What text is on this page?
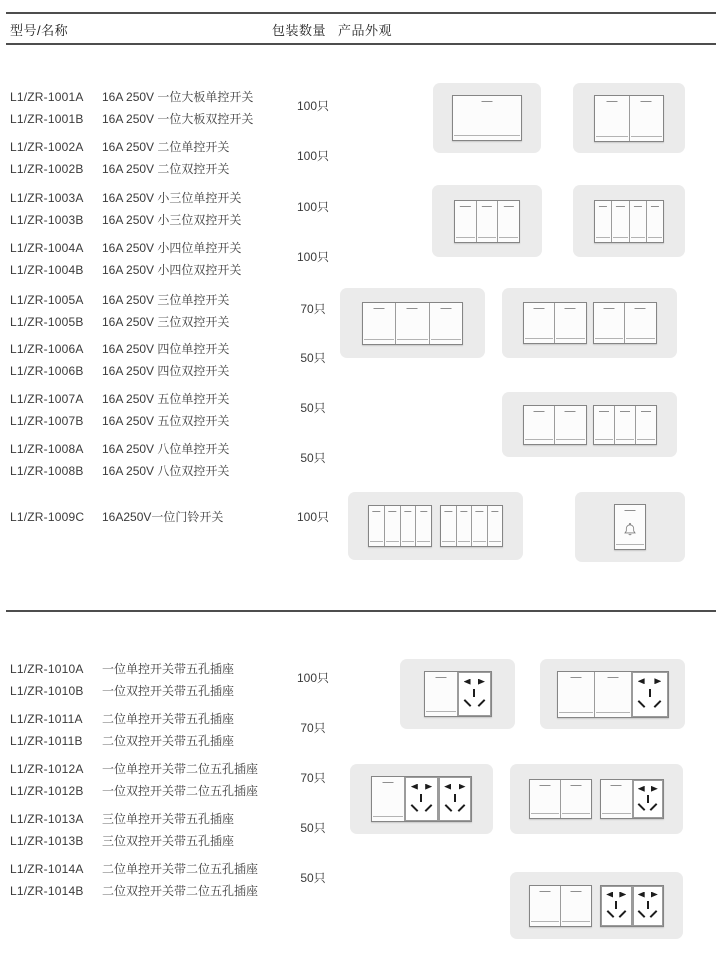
型号/名称	包装数量 产品外观
L1/ZR-1001A	16A 250V 一位大板单控开关
L1/ZR-1001B	16A 250V 一位大板双控开关
100只
L1/ZR-1002A	16A 250V 二位单控开关
L1/ZR-1002B	16A 250V 二位双控开关
100只
L1/ZR-1003A	16A 250V 小三位单控开关
L1/ZR-1003B	16A 250V 小三位双控开关
100只
L1/ZR-1004A	16A 250V 小四位单控开关
L1/ZR-1004B	16A 250V 小四位双控开关
100只
L1/ZR-1005A	16A 250V 三位单控开关
L1/ZR-1005B	16A 250V 三位双控开关
70只
L1/ZR-1006A	16A 250V 四位单控开关
L1/ZR-1006B	16A 250V 四位双控开关
50只
L1/ZR-1007A	16A 250V 五位单控开关
L1/ZR-1007B	16A 250V 五位双控开关
50只
L1/ZR-1008A	16A 250V 八位单控开关
L1/ZR-1008B	16A 250V 八位双控开关
50只
L1/ZR-1009C	16A250V一位门铃开关	100只
L1/ZR-1010A	一位单控开关带五孔插座
L1/ZR-1010B	一位双控开关带五孔插座
100只
L1/ZR-1011A	二位单控开关带五孔插座
L1/ZR-1011B	二位双控开关带五孔插座
70只
L1/ZR-1012A	一位单控开关带二位五孔插座
L1/ZR-1012B	一位双控开关带二位五孔插座
70只
L1/ZR-1013A	三位单控开关带五孔插座
L1/ZR-1013B	三位双控开关带五孔插座
50只
L1/ZR-1014A	二位单控开关带二位五孔插座
L1/ZR-1014B	二位双控开关带二位五孔插座
50只
